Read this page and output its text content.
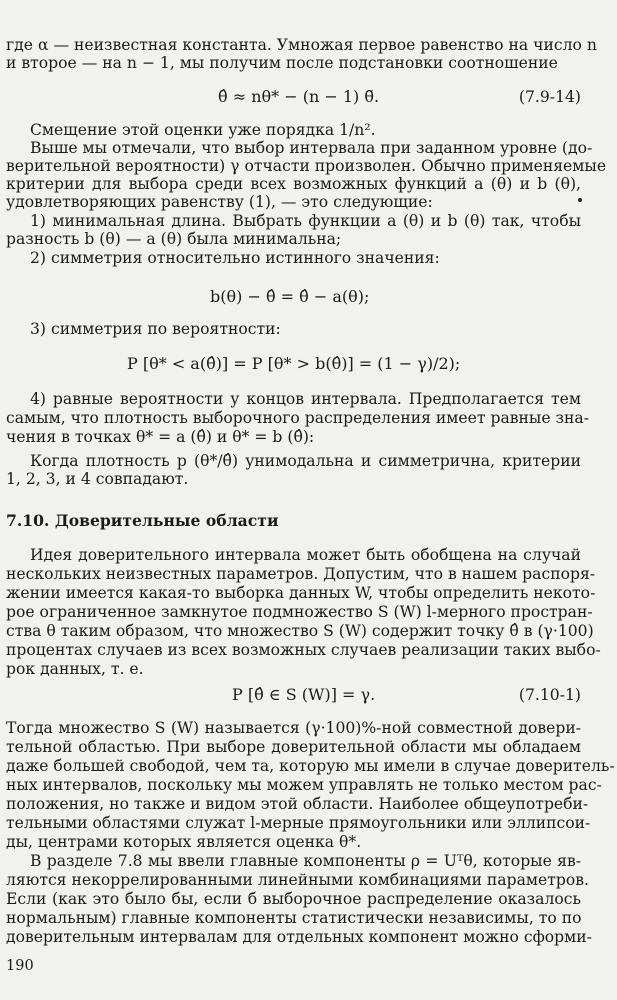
где α — неизвестная константа. Умножая первое равенство на число n
и второе — на n − 1, мы получим после подстановки соотношение
θ̂ ≈ nθ* − (n − 1) θ̃.	(7.9-14)
Смещение этой оценки уже порядка 1/n².
Выше мы отмечали, что выбор интервала при заданном уровне (до-
верительной вероятности) γ отчасти произволен. Обычно применяемые
критерии для выбора среди всех возможных функций a (θ) и b (θ),
удовлетворяющих равенству (1), — это следующие:
1) минимальная длина. Выбрать функции a (θ) и b (θ) так, чтобы
разность b (θ) — a (θ) была минимальна;
2) симметрия относительно истинного значения:
b(θ) − θ̂ = θ̂ − a(θ);
3) симметрия по вероятности:
P [θ* < a(θ̂)] = P [θ* > b(θ̂)] = (1 − γ)/2);
4) равные вероятности у концов интервала. Предполагается тем
самым, что плотность выборочного распределения имеет равные зна-
чения в точках θ* = a (θ̂) и θ* = b (θ̂):
Когда плотность p (θ*/θ̂) унимодальна и симметрична, критерии
1, 2, 3, и 4 совпадают.
7.10. Доверительные области
Идея доверительного интервала может быть обобщена на случай
нескольких неизвестных параметров. Допустим, что в нашем распоря-
жении имеется какая-то выборка данных W, чтобы определить некото-
рое ограниченное замкнутое подмножество S (W) l-мерного простран-
ства θ таким образом, что множество S (W) содержит точку θ̂ в (γ·100)
процентах случаев из всех возможных случаев реализации таких выбо-
рок данных, т. е.
P [θ̂ ∈ S (W)] = γ.	(7.10-1)
Тогда множество S (W) называется (γ·100)%-ной совместной довери-
тельной областью. При выборе доверительной области мы обладаем
даже большей свободой, чем та, которую мы имели в случае доверитель-
ных интервалов, поскольку мы можем управлять не только местом рас-
положения, но также и видом этой области. Наиболее общеупотреби-
тельными областями служат l-мерные прямоугольники или эллипсои-
ды, центрами которых является оценка θ*.
В разделе 7.8 мы ввели главные компоненты ρ = Uᵀθ, которые яв-
ляются некоррелированными линейными комбинациями параметров.
Если (как это было бы, если б выборочное распределение оказалось
нормальным) главные компоненты статистически независимы, то по
доверительным интервалам для отдельных компонент можно сформи-
190
